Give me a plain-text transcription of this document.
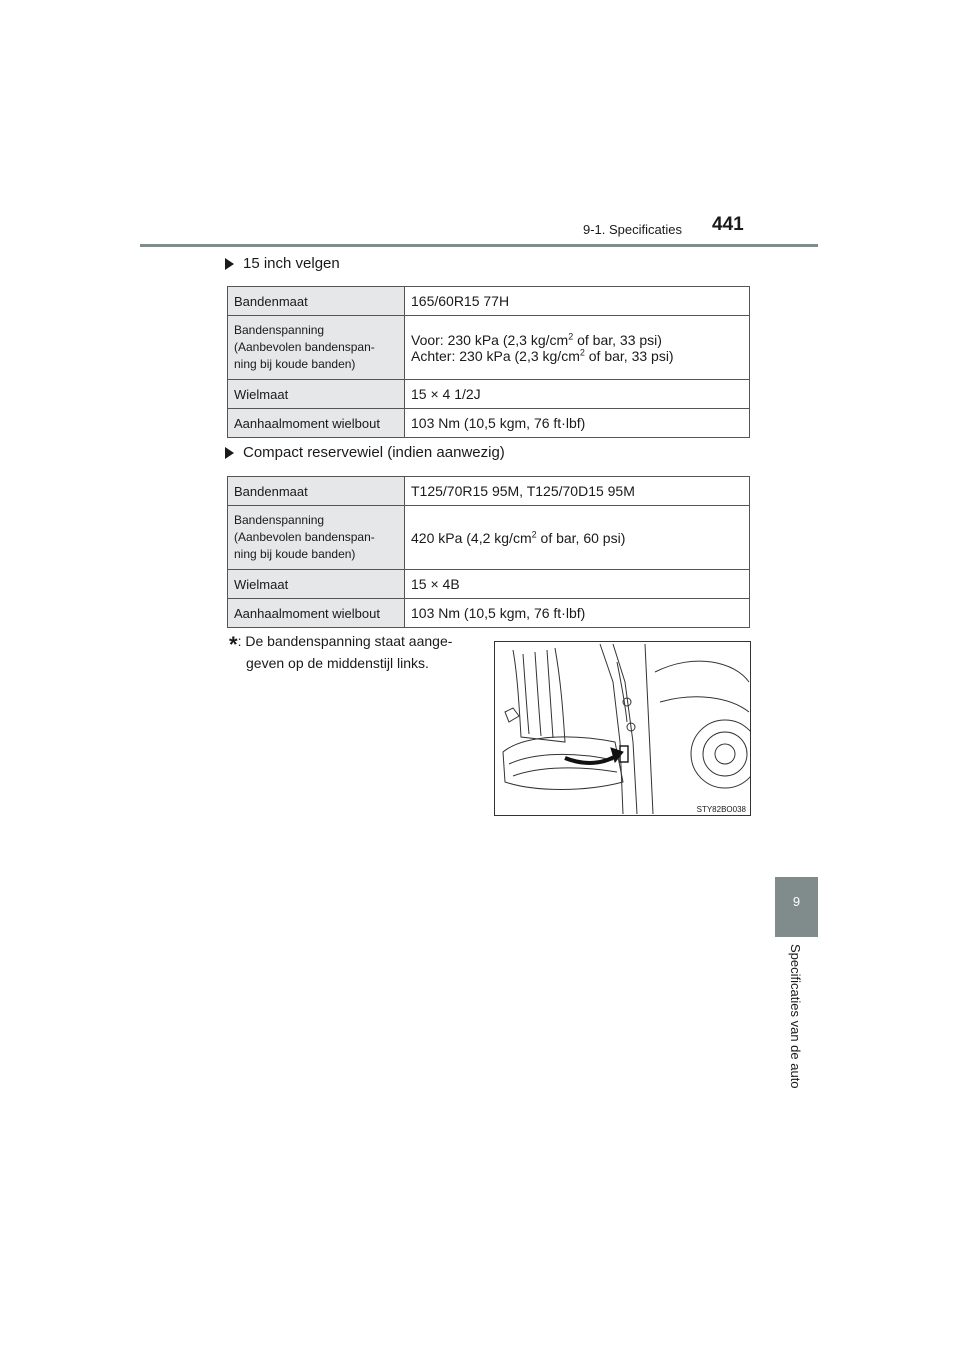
9-1. Specificaties 441
9
Specificaties van de auto
15 inch velgen
Bandenmaat	165/60R15 77H
Bandenspanning
(Aanbevolen bandenspan-
ning bij koude banden)	Voor: 230 kPa (2,3 $kg/cm^2$ of bar, 33 psi)
Achter: 230 kPa (2,3 $kg/cm^2$ of bar, 33 psi)
Wielmaat	15 × 4 1/2J
Aanhaalmoment wielbout	103 Nm (10,5 kgm, 76 ft·lbf)
Compact reservewiel (indien aanwezig)
Bandenmaat	T125/70R15 95M, T125/70D15 95M
Bandenspanning
(Aanbevolen bandenspan-
ning bij koude banden)	420 kPa (4,2 $kg/cm^2$ of bar, 60 psi)
Wielmaat	15 × 4B
Aanhaalmoment wielbout	103 Nm (10,5 kgm, 76 ft·lbf)
*: De bandenspanning staat aange-

geven op de middenstijl links.
STY82BO038
